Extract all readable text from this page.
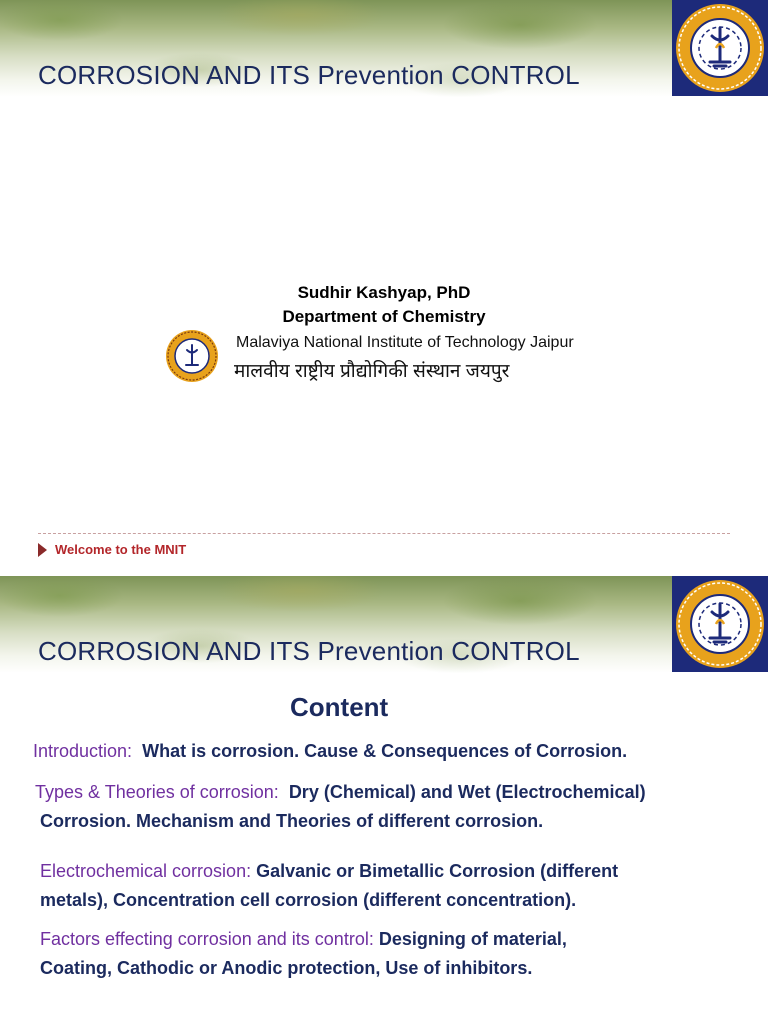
CORROSION AND ITS Prevention CONTROL
Sudhir Kashyap, PhD
Department of Chemistry
Malaviya National Institute of Technology Jaipur
मालवीय राष्ट्रीय प्रौद्योगिकी संस्थान जयपुर
Welcome to the MNIT
CORROSION AND ITS Prevention CONTROL
Content
Introduction: What is corrosion. Cause & Consequences of Corrosion.
Types & Theories of corrosion: Dry (Chemical) and Wet (Electrochemical)
Corrosion. Mechanism and Theories of different corrosion.
Electrochemical corrosion: Galvanic or Bimetallic Corrosion (different
metals), Concentration cell corrosion (different concentration).
Factors effecting corrosion and its control: Designing of material,
Coating, Cathodic or Anodic protection, Use of inhibitors.
